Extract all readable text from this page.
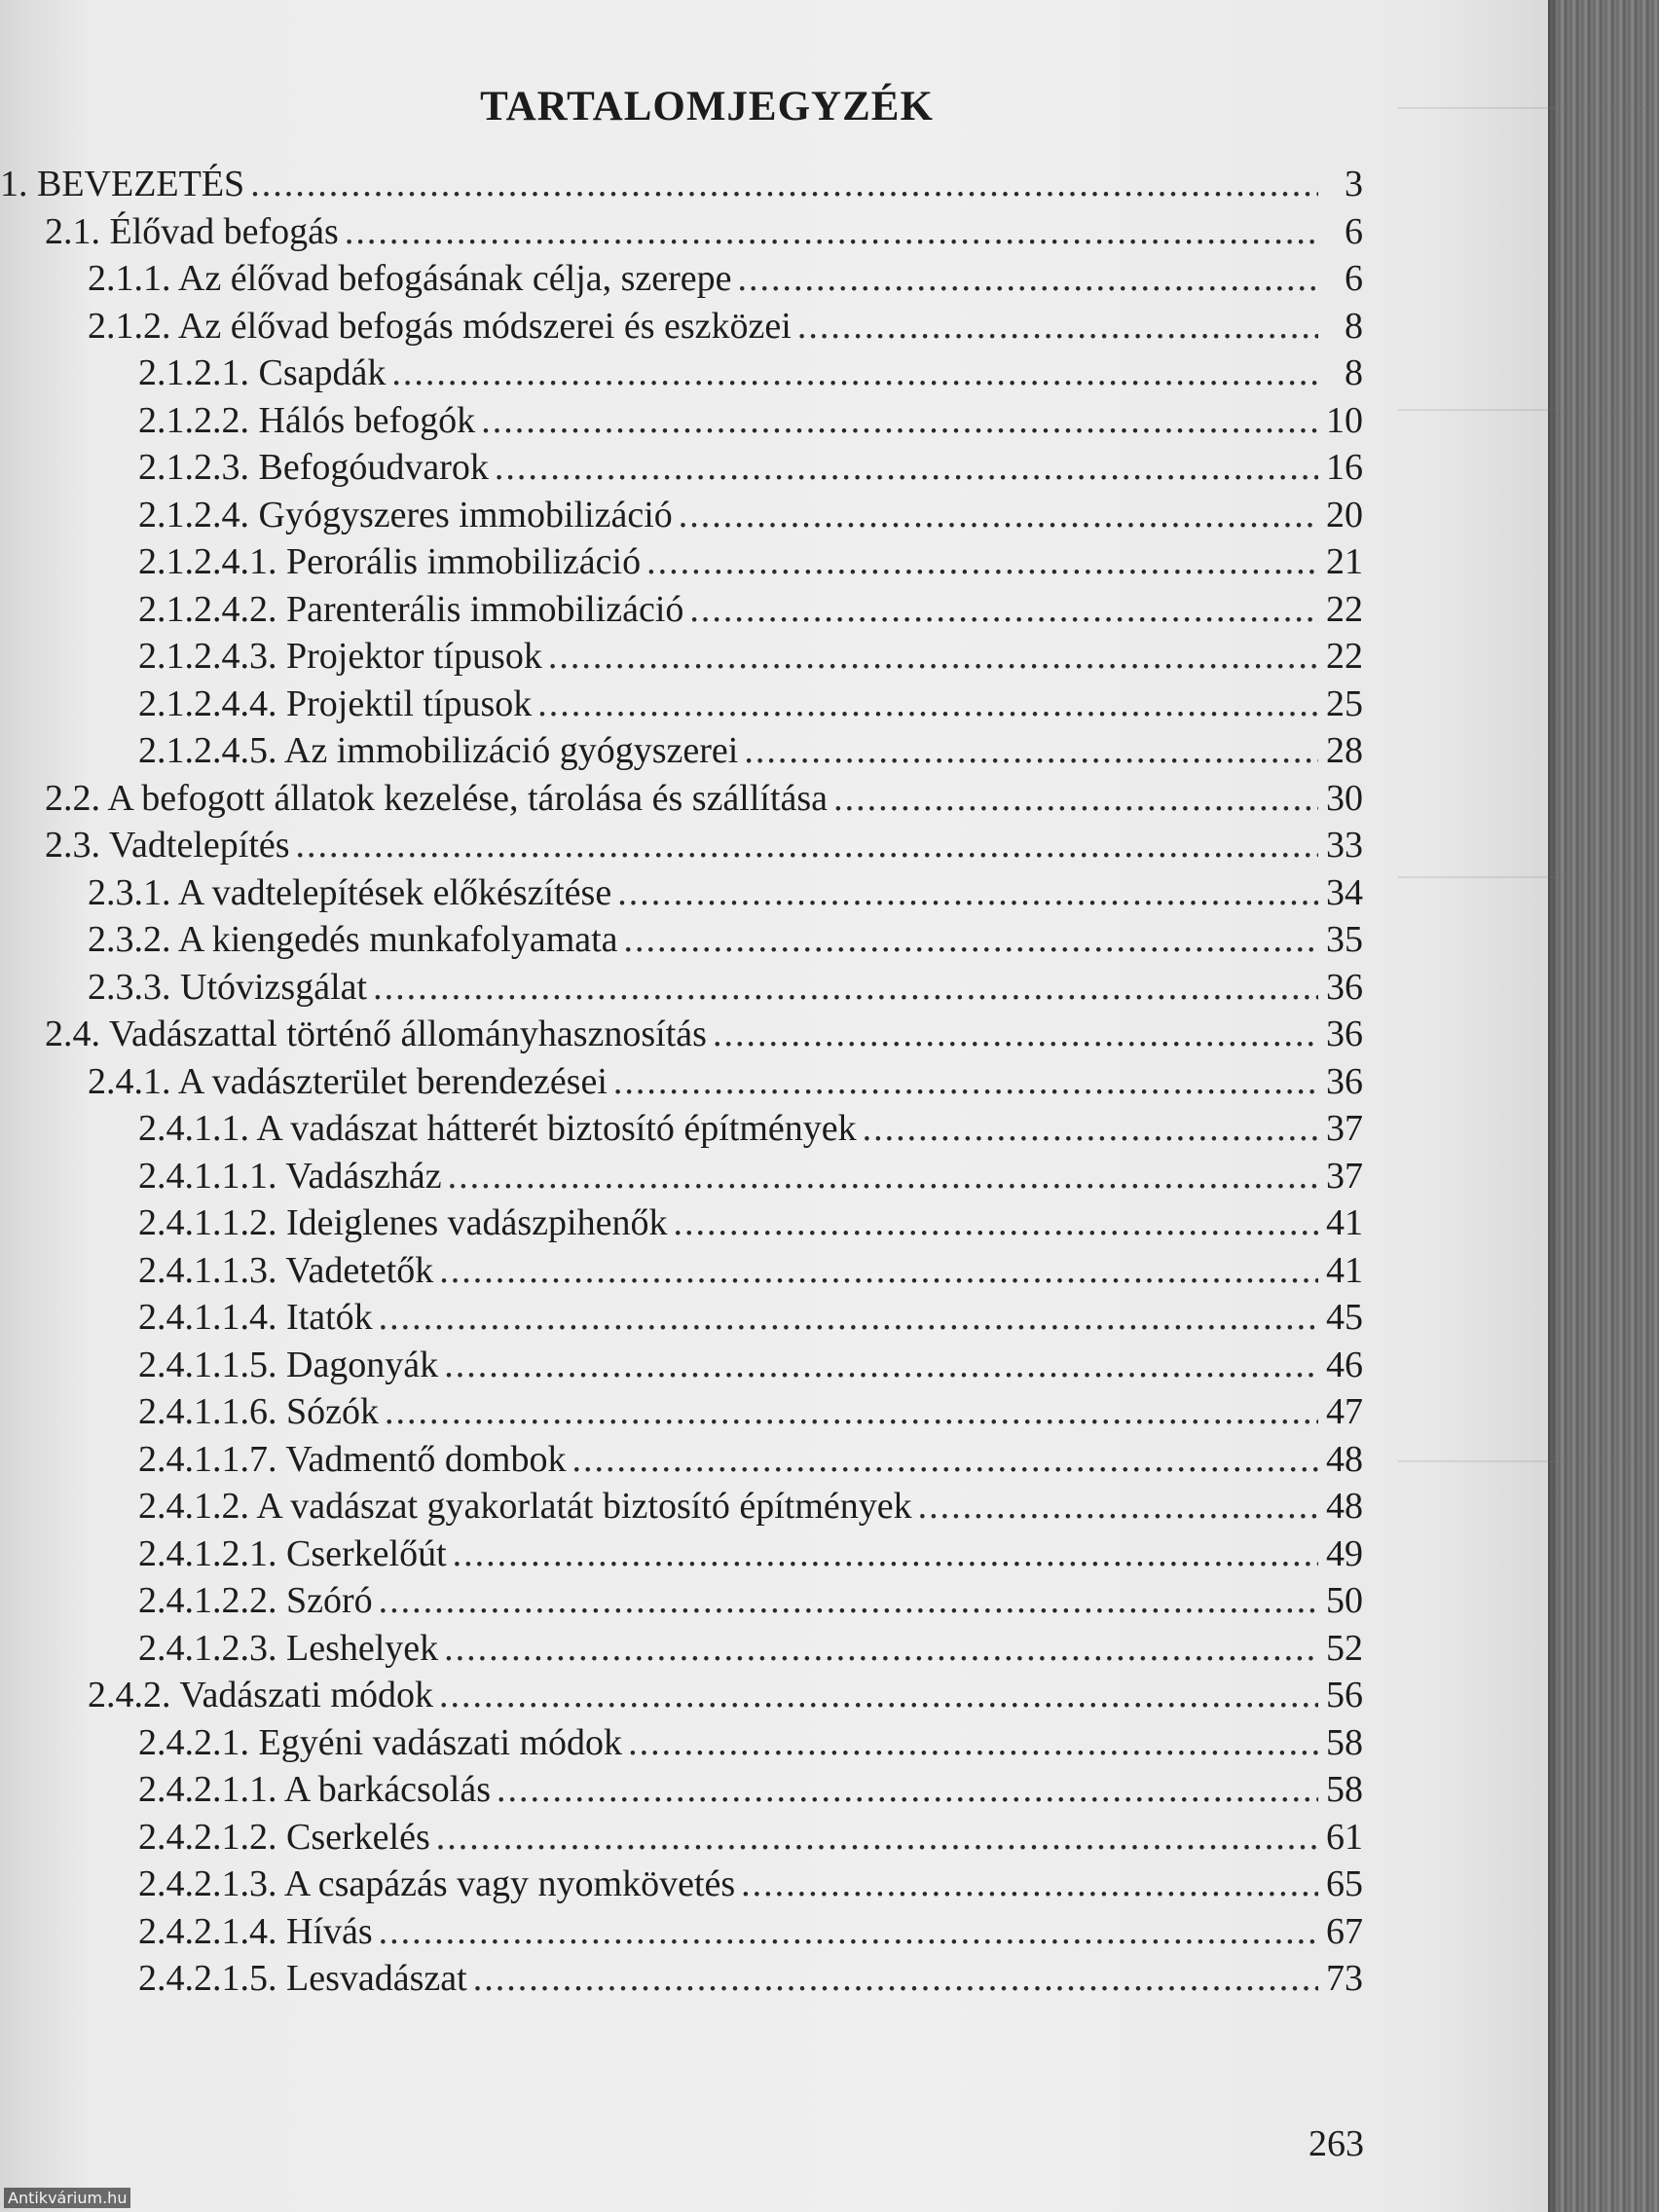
TARTALOMJEGYZÉK
1. BEVEZETÉS .....	3
2.1. Élővad befogás .....	6
2.1.1. Az élővad befogásának célja, szerepe .....	6
2.1.2. Az élővad befogás módszerei és eszközei .....	8
2.1.2.1. Csapdák .....	8
2.1.2.2. Hálós befogók .....	10
2.1.2.3. Befogóudvarok .....	16
2.1.2.4. Gyógyszeres immobilizáció .....	20
2.1.2.4.1. Perorális immobilizáció .....	21
2.1.2.4.2. Parenterális immobilizáció .....	22
2.1.2.4.3. Projektor típusok .....	22
2.1.2.4.4. Projektil típusok .....	25
2.1.2.4.5. Az immobilizáció gyógyszerei .....	28
2.2. A befogott állatok kezelése, tárolása és szállítása .....	30
2.3. Vadtelepítés .....	33
2.3.1. A vadtelepítések előkészítése .....	34
2.3.2. A kiengedés munkafolyamata .....	35
2.3.3. Utóvizsgálat .....	36
2.4. Vadászattal történő állományhasznosítás .....	36
2.4.1. A vadászterület berendezései .....	36
2.4.1.1. A vadászat hátterét biztosító építmények .....	37
2.4.1.1.1. Vadászház .....	37
2.4.1.1.2. Ideiglenes vadászpihenők .....	41
2.4.1.1.3. Vadetetők .....	41
2.4.1.1.4. Itatók .....	45
2.4.1.1.5. Dagonyák .....	46
2.4.1.1.6. Sózók .....	47
2.4.1.1.7. Vadmentő dombok .....	48
2.4.1.2. A vadászat gyakorlatát biztosító építmények .....	48
2.4.1.2.1. Cserkelőút .....	49
2.4.1.2.2. Szóró .....	50
2.4.1.2.3. Leshelyek .....	52
2.4.2. Vadászati módok .....	56
2.4.2.1. Egyéni vadászati módok .....	58
2.4.2.1.1. A barkácsolás .....	58
2.4.2.1.2. Cserkelés .....	61
2.4.2.1.3. A csapázás vagy nyomkövetés .....	65
2.4.2.1.4. Hívás .....	67
2.4.2.1.5. Lesvadászat .....	73
263
Antikvárium.hu
